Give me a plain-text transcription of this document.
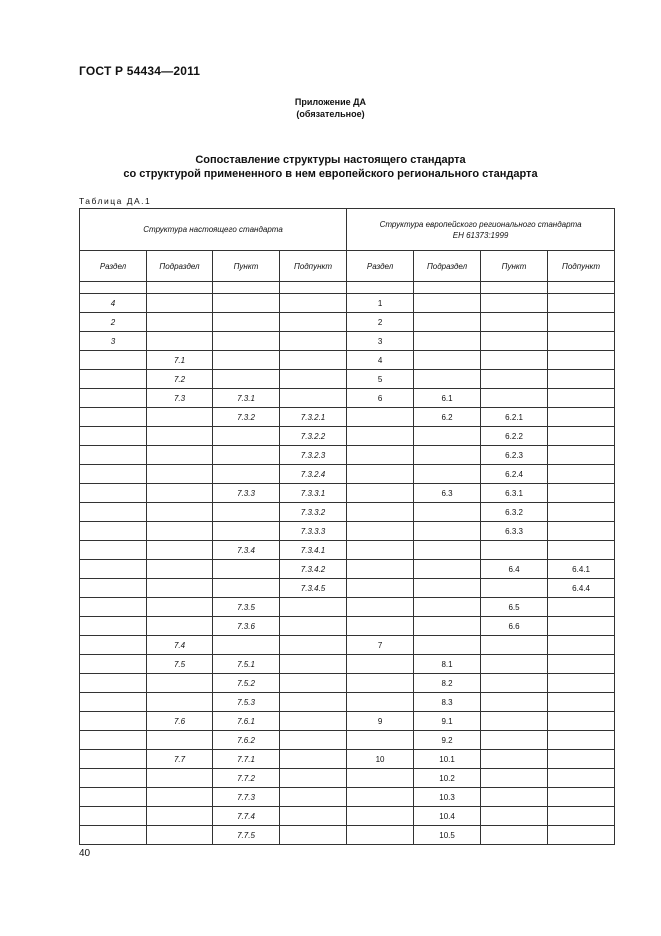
ГОСТ Р 54434—2011
Приложение ДА
(обязательное)
Сопоставление структуры настоящего стандарта
со структурой примененного в нем европейского регионального стандарта
Таблица ДА.1
Структура настоящего стандарта				Структура европейского регионального стандарта
ЕН 61373:1999			
Раздел	Подраздел	Пункт	Подпункт	Раздел	Подраздел	Пункт	Подпункт

4				1			
2				2			
3				3			
	7.1			4			
	7.2			5			
	7.3	7.3.1		6	6.1		
		7.3.2	7.3.2.1		6.2	6.2.1	
			7.3.2.2			6.2.2	
			7.3.2.3			6.2.3	
			7.3.2.4			6.2.4	
		7.3.3	7.3.3.1		6.3	6.3.1	
			7.3.3.2			6.3.2	
			7.3.3.3			6.3.3	
		7.3.4	7.3.4.1				
			7.3.4.2			6.4	6.4.1
			7.3.4.5				6.4.4
		7.3.5				6.5	
		7.3.6				6.6	
	7.4			7			
	7.5	7.5.1			8.1		
		7.5.2			8.2		
		7.5.3			8.3		
	7.6	7.6.1		9	9.1		
		7.6.2			9.2		
	7.7	7.7.1		10	10.1		
		7.7.2			10.2		
		7.7.3			10.3		
		7.7.4			10.4		
		7.7.5			10.5		
40
